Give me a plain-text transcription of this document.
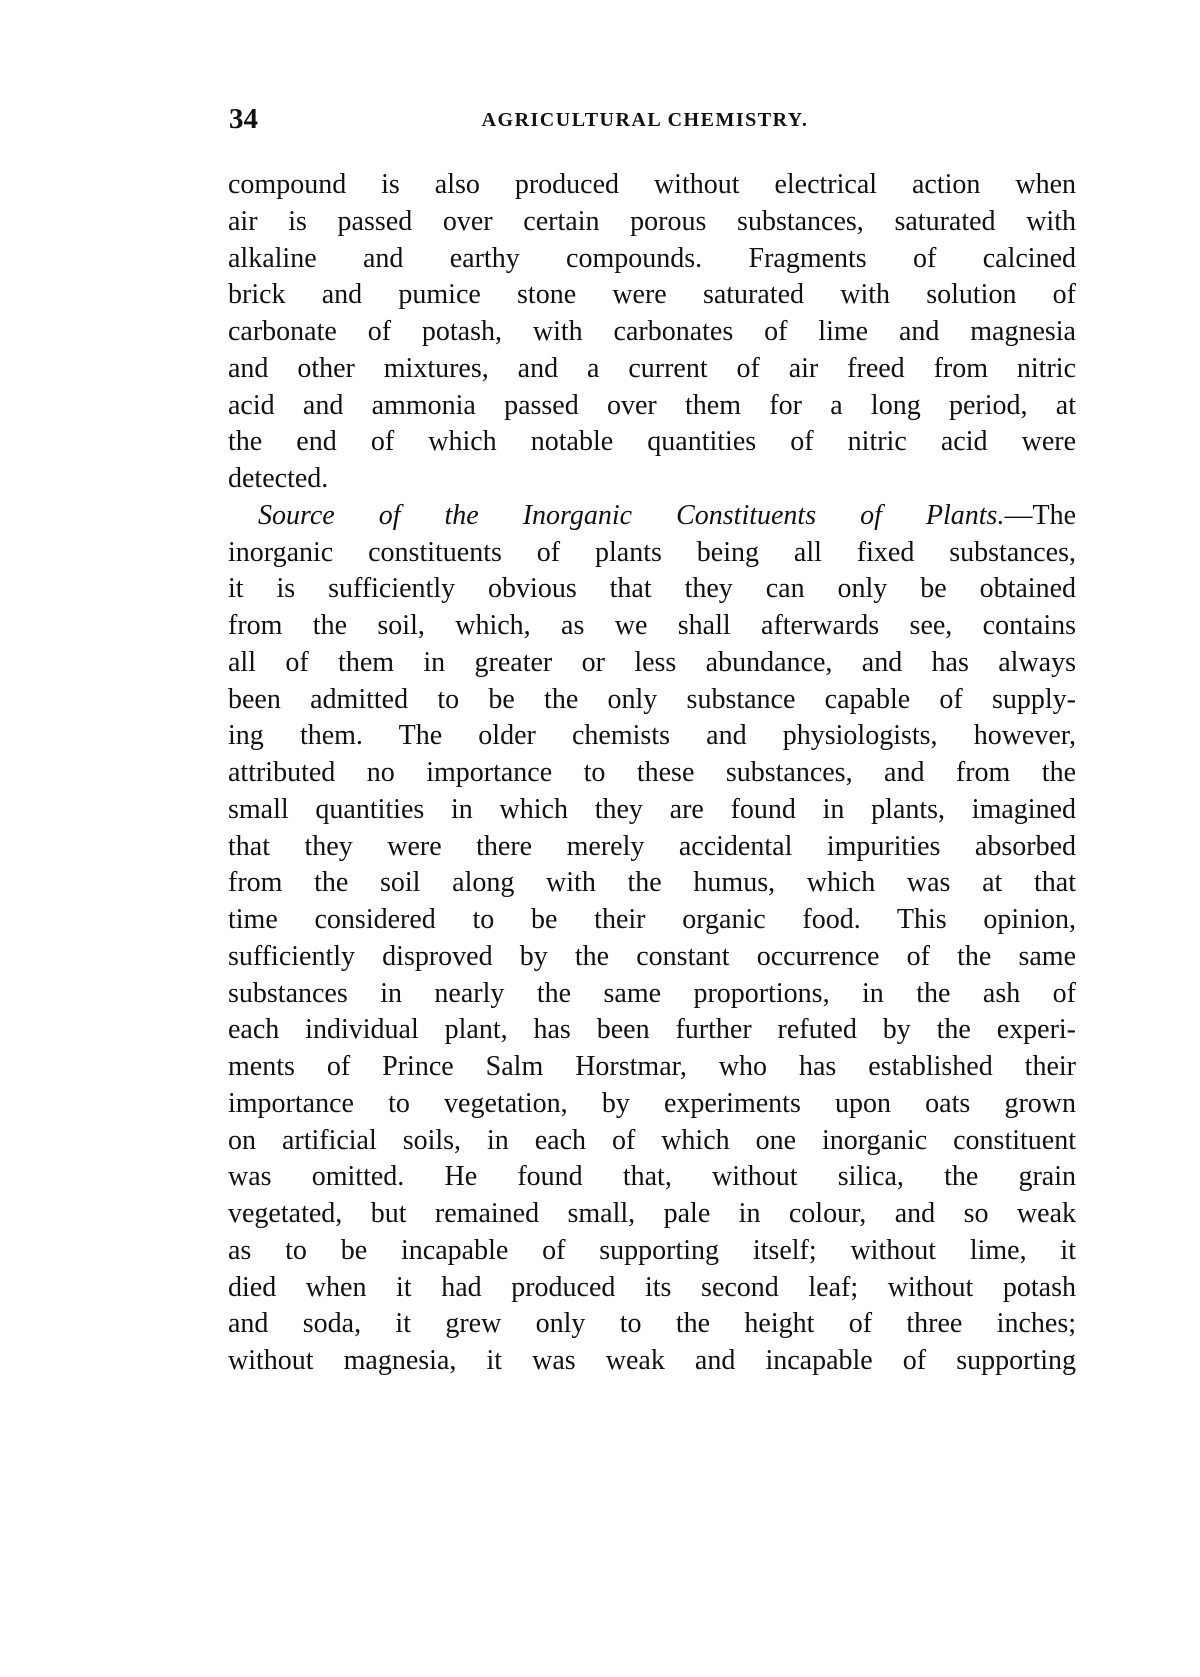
34	AGRICULTURAL CHEMISTRY.
compound is also produced without electrical action when
air is passed over certain porous substances, saturated with
alkaline and earthy compounds. Fragments of calcined
brick and pumice stone were saturated with solution of
carbonate of potash, with carbonates of lime and magnesia
and other mixtures, and a current of air freed from nitric
acid and ammonia passed over them for a long period, at
the end of which notable quantities of nitric acid were
detected.
Source of the Inorganic Constituents of Plants.—The
inorganic constituents of plants being all fixed substances,
it is sufficiently obvious that they can only be obtained
from the soil, which, as we shall afterwards see, contains
all of them in greater or less abundance, and has always
been admitted to be the only substance capable of supply-
ing them. The older chemists and physiologists, however,
attributed no importance to these substances, and from the
small quantities in which they are found in plants, imagined
that they were there merely accidental impurities absorbed
from the soil along with the humus, which was at that
time considered to be their organic food. This opinion,
sufficiently disproved by the constant occurrence of the same
substances in nearly the same proportions, in the ash of
each individual plant, has been further refuted by the experi-
ments of Prince Salm Horstmar, who has established their
importance to vegetation, by experiments upon oats grown
on artificial soils, in each of which one inorganic constituent
was omitted. He found that, without silica, the grain
vegetated, but remained small, pale in colour, and so weak
as to be incapable of supporting itself; without lime, it
died when it had produced its second leaf; without potash
and soda, it grew only to the height of three inches;
without magnesia, it was weak and incapable of supporting
